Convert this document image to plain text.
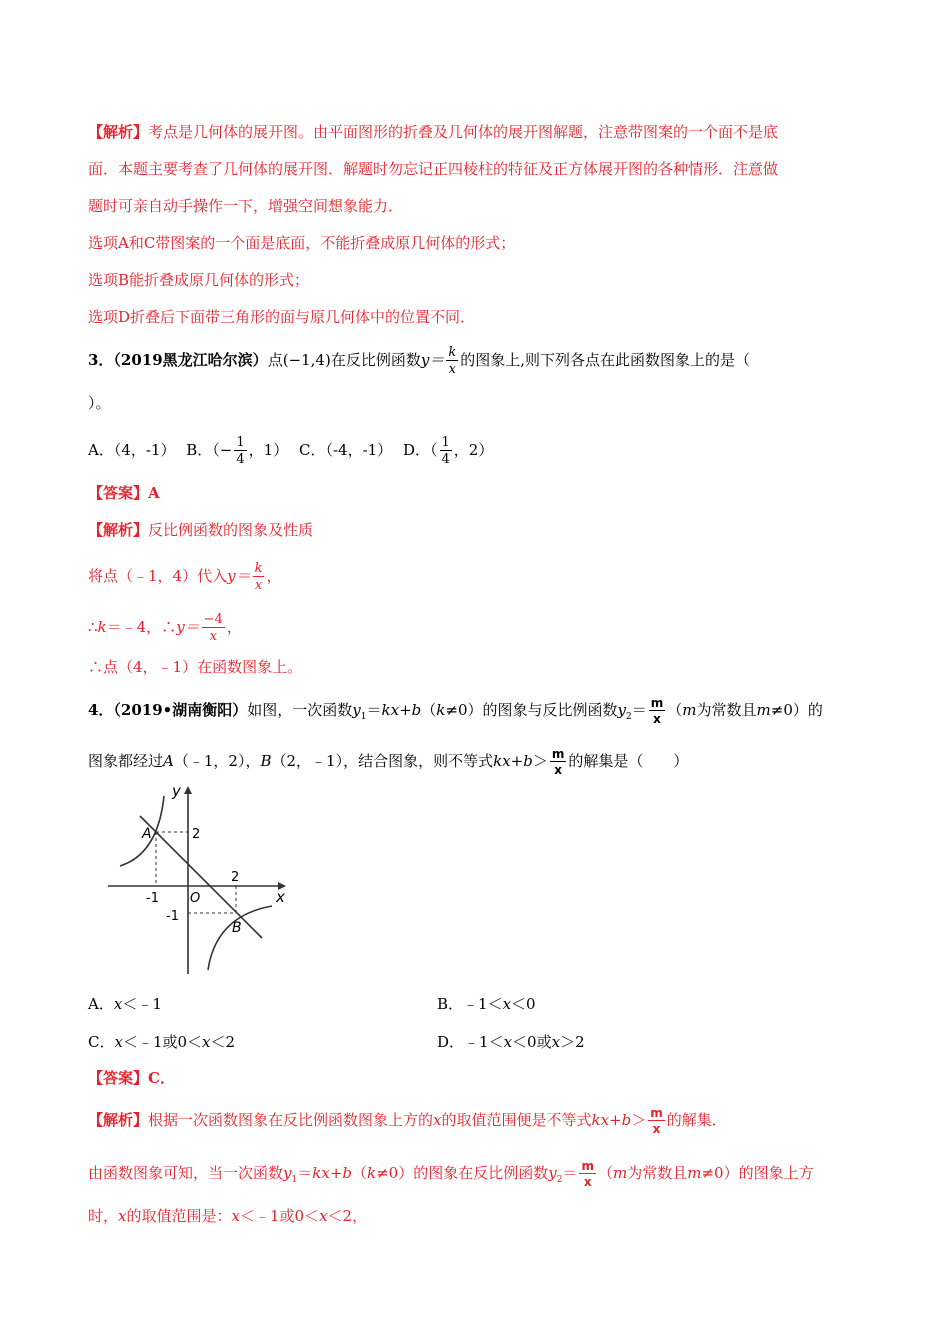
【解析】考点是几何体的展开图。由平面图形的折叠及几何体的展开图解题，注意带图案的一个面不是底
面．本题主要考查了几何体的展开图．解题时勿忘记正四棱柱的特征及正方体展开图的各种情形．注意做
题时可亲自动手操作一下，增强空间想象能力．
选项A和C带图案的一个面是底面，不能折叠成原几何体的形式；
选项B能折叠成原几何体的形式；
选项D折叠后下面带三角形的面与原几何体中的位置不同．
3．（2019黑龙江哈尔滨）点(−1,4)在反比例函数$y= \frac{k}{x}$ 的图象上,则下列各点在此函数图象上的是（
）。
A．（4，-1） B．（− $\frac{1}{4}$ ，1） C．（-4，-1） D．（ $\frac{1}{4}$ ，2）
【答案】A
【解析】反比例函数的图象及性质
将点（﹣1，4）代入$y= \frac{k}{x}$ ，
∴k＝﹣4，∴y＝ $\frac{-4}{x}$ ，
∴点（4，﹣1）在函数图象上。
4．（2019•湖南衡阳）如图，一次函数$y_1=kx+b(k\ne 0)$的图象与反比例函数$y_2= \frac{m}{x} (m$为常数且m≠0）的
图象都经过A（﹣1，2），B（2，﹣1），结合图象，则不等式$kx+b> \frac{m}{x}$ 的解集是（　　）
y
x
O
A
B
2
2
-1
-1
A．x＜﹣1	B．﹣1＜x＜0
C．x＜﹣1或0＜x＜2	D．﹣1＜x＜0或x＞2
【答案】C．
【解析】根据一次函数图象在反比例函数图象上方的x的取值范围便是不等式$kx+b> \frac{m}{x}$ 的解集．
由函数图象可知，当一次函数$y_1=kx+b(k\ne 0)$的图象在反比例函数$y_2= \frac{m}{x} (m$为常数且m≠0）的图象上方
时，x的取值范围是：x＜﹣1或0＜x＜2，
